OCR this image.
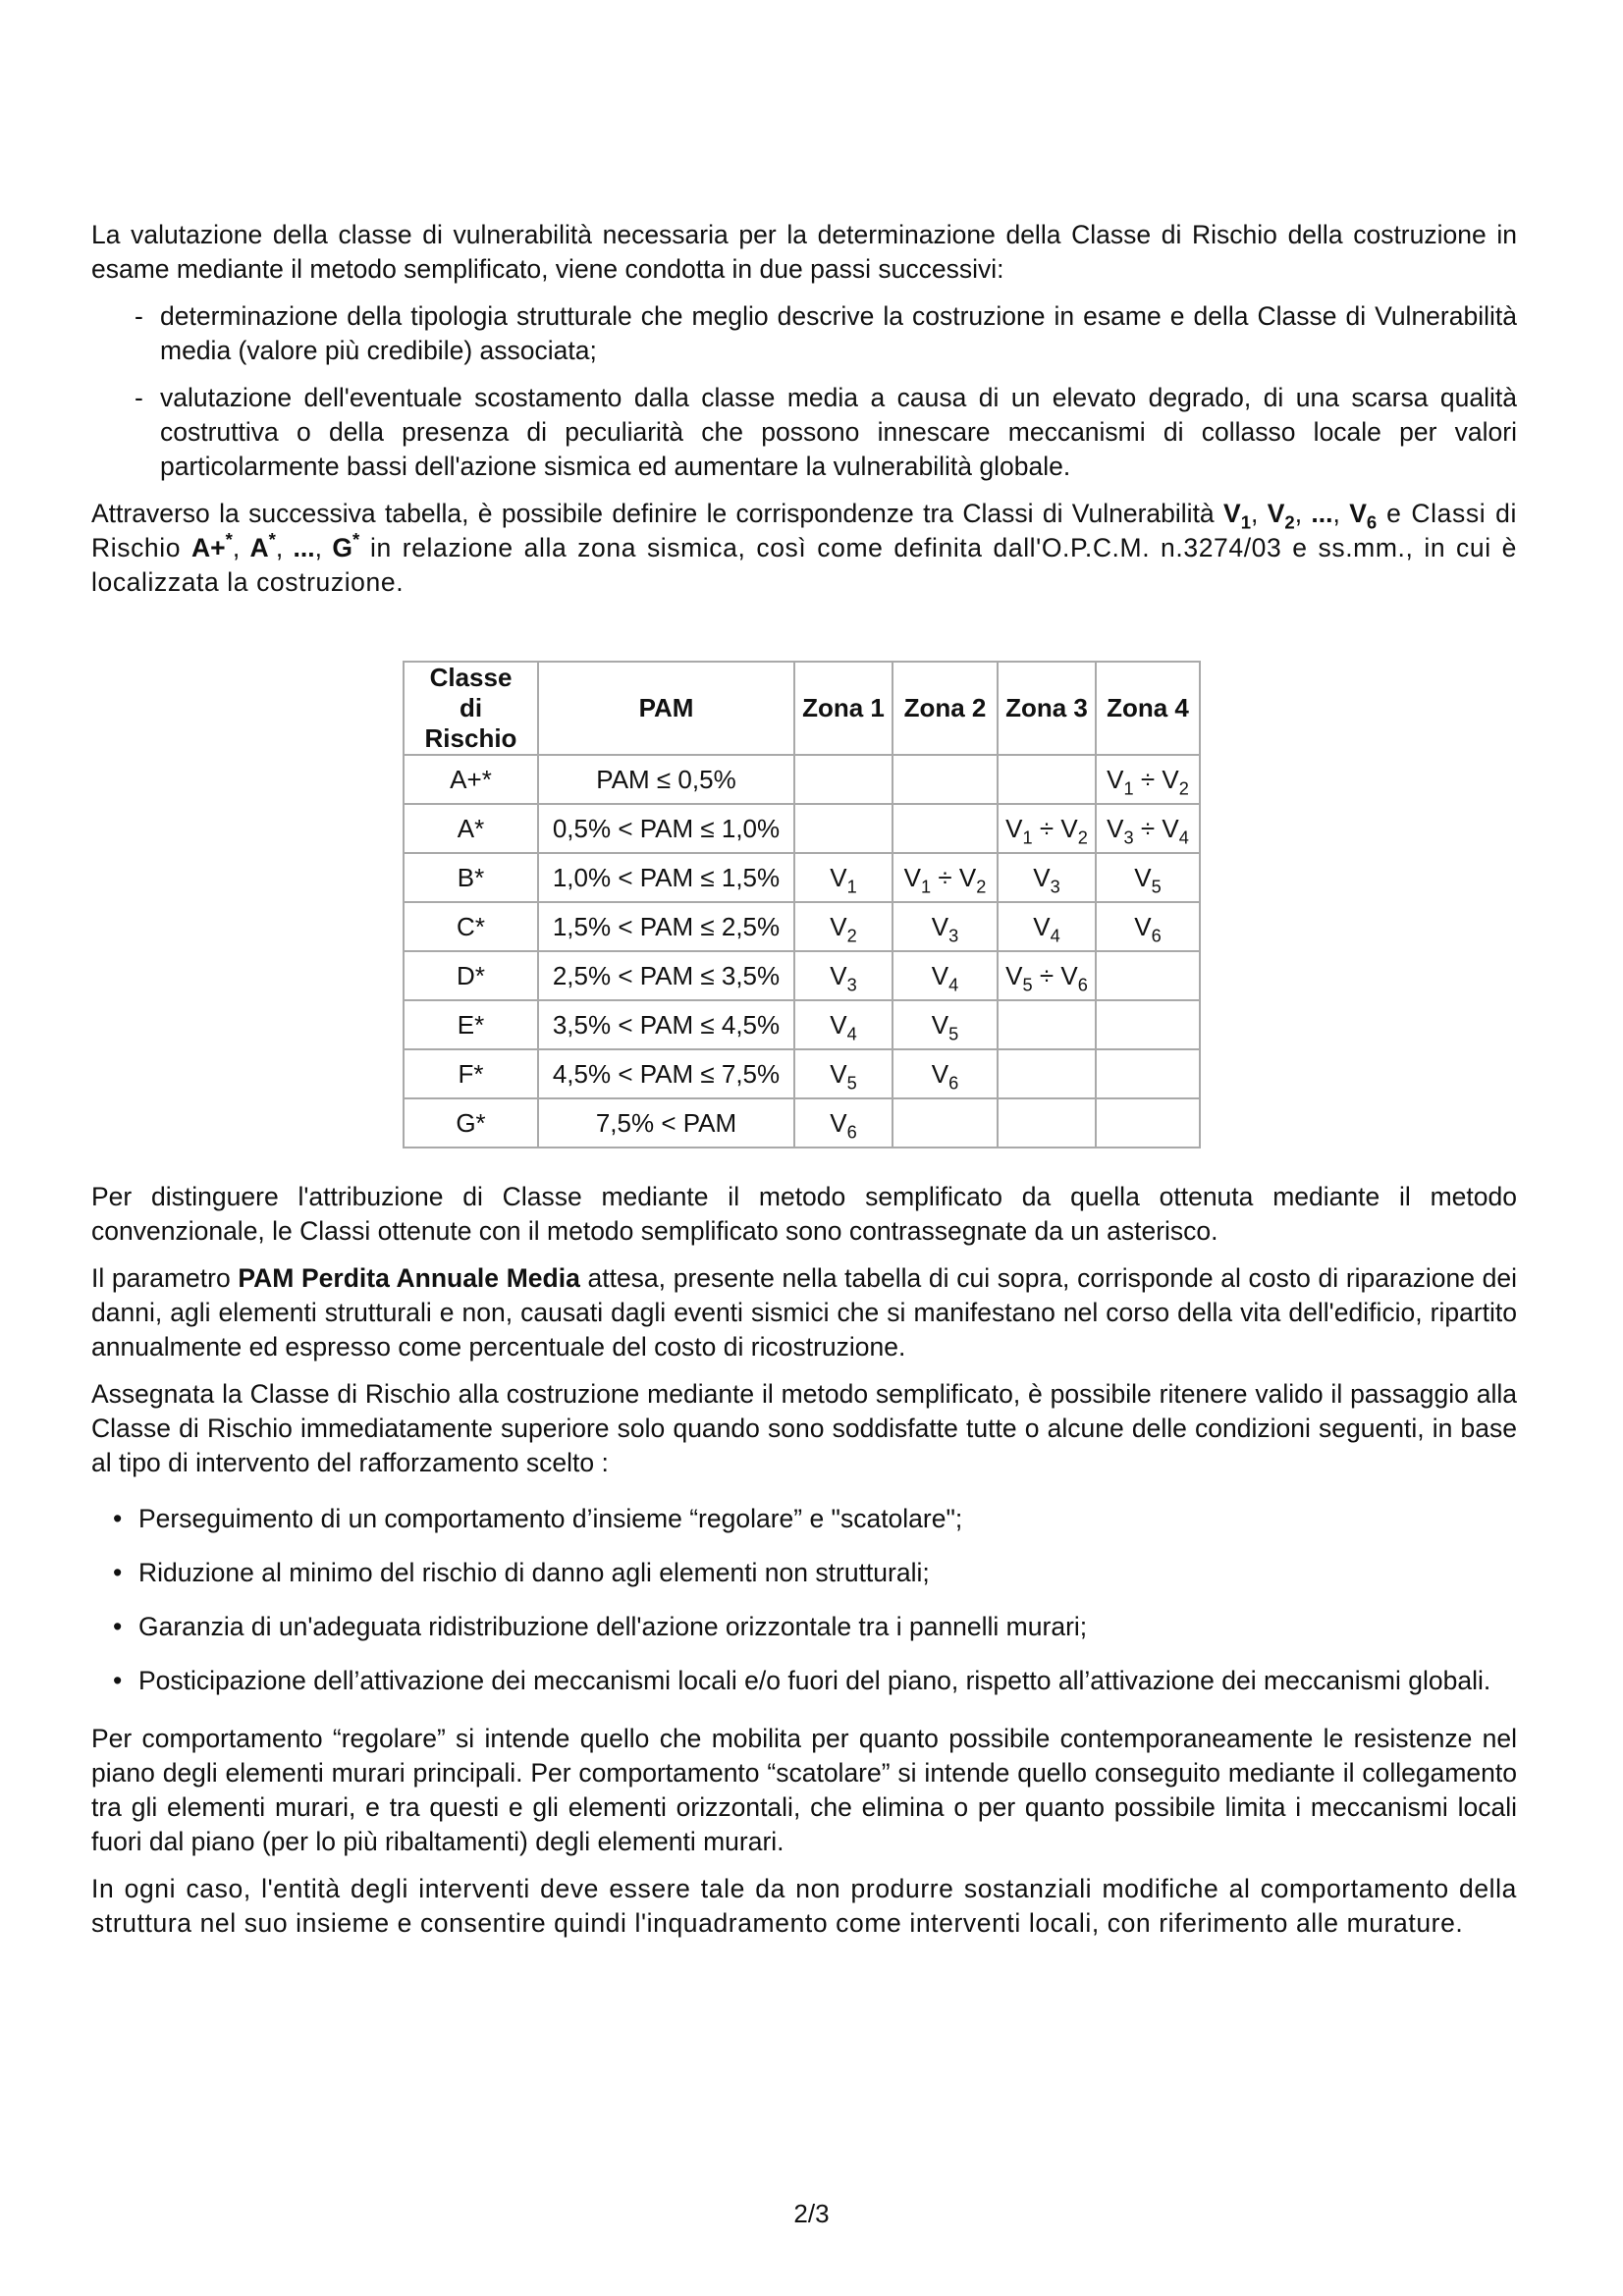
La valutazione della classe di vulnerabilità necessaria per la determinazione della Classe di Rischio della costruzione in esame mediante il metodo semplificato, viene condotta in due passi successivi:

- determinazione della tipologia strutturale che meglio descrive la costruzione in esame e della Classe di Vulnerabilità media (valore più credibile) associata;
- valutazione dell'eventuale scostamento dalla classe media a causa di un elevato degrado, di una scarsa qualità costruttiva o della presenza di peculiarità che possono innescare meccanismi di collasso locale per valori particolarmente bassi dell'azione sismica ed aumentare la vulnerabilità globale.

Attraverso la successiva tabella, è possibile definire le corrispondenze tra Classi di Vulnerabilità $V_1$, $V_2$, ..., $V_6$ e Classi di Rischio A+*, A*, ..., G* in relazione alla zona sismica, così come definita dall'O.P.C.M. n.3274/03 e ss.mm., in cui è localizzata la costruzione.

Classe di Rischio	PAM	Zona 1	Zona 2	Zona 3	Zona 4
A+*	PAM ≤ 0,5%				$V_1 \div V_2$
A*	0,5% < PAM ≤ 1,0%			$V_1 \div V_2$	$V_3 \div V_4$
B*	1,0% < PAM ≤ 1,5%	$V_1$	$V_1 \div V_2$	$V_3$	$V_5$
C*	1,5% < PAM ≤ 2,5%	$V_2$	$V_3$	$V_4$	$V_6$
D*	2,5% < PAM ≤ 3,5%	$V_3$	$V_4$	$V_5 \div V_6$	
E*	3,5% < PAM ≤ 4,5%	$V_4$	$V_5$		
F*	4,5% < PAM ≤ 7,5%	$V_5$	$V_6$		
G*	7,5% < PAM	$V_6$			

Per distinguere l'attribuzione di Classe mediante il metodo semplificato da quella ottenuta mediante il metodo convenzionale, le Classi ottenute con il metodo semplificato sono contrassegnate da un asterisco.

Il parametro PAM Perdita Annuale Media attesa, presente nella tabella di cui sopra, corrisponde al costo di riparazione dei danni, agli elementi strutturali e non, causati dagli eventi sismici che si manifestano nel corso della vita dell'edificio, ripartito annualmente ed espresso come percentuale del costo di ricostruzione.

Assegnata la Classe di Rischio alla costruzione mediante il metodo semplificato, è possibile ritenere valido il passaggio alla Classe di Rischio immediatamente superiore solo quando sono soddisfatte tutte o alcune delle condizioni seguenti, in base al tipo di intervento del rafforzamento scelto :

• Perseguimento di un comportamento d’insieme “regolare” e "scatolare";
• Riduzione al minimo del rischio di danno agli elementi non strutturali;
• Garanzia di un'adeguata ridistribuzione dell'azione orizzontale tra i pannelli murari;
• Posticipazione dell’attivazione dei meccanismi locali e/o fuori del piano, rispetto all’attivazione dei meccanismi globali.

Per comportamento “regolare” si intende quello che mobilita per quanto possibile contemporaneamente le resistenze nel piano degli elementi murari principali. Per comportamento “scatolare” si intende quello conseguito mediante il collegamento tra gli elementi murari, e tra questi e gli elementi orizzontali, che elimina o per quanto possibile limita i meccanismi locali fuori dal piano (per lo più ribaltamenti) degli elementi murari.

In ogni caso, l'entità degli interventi deve essere tale da non produrre sostanziali modifiche al comportamento della struttura nel suo insieme e consentire quindi l'inquadramento come interventi locali, con riferimento alle murature.

2/3
